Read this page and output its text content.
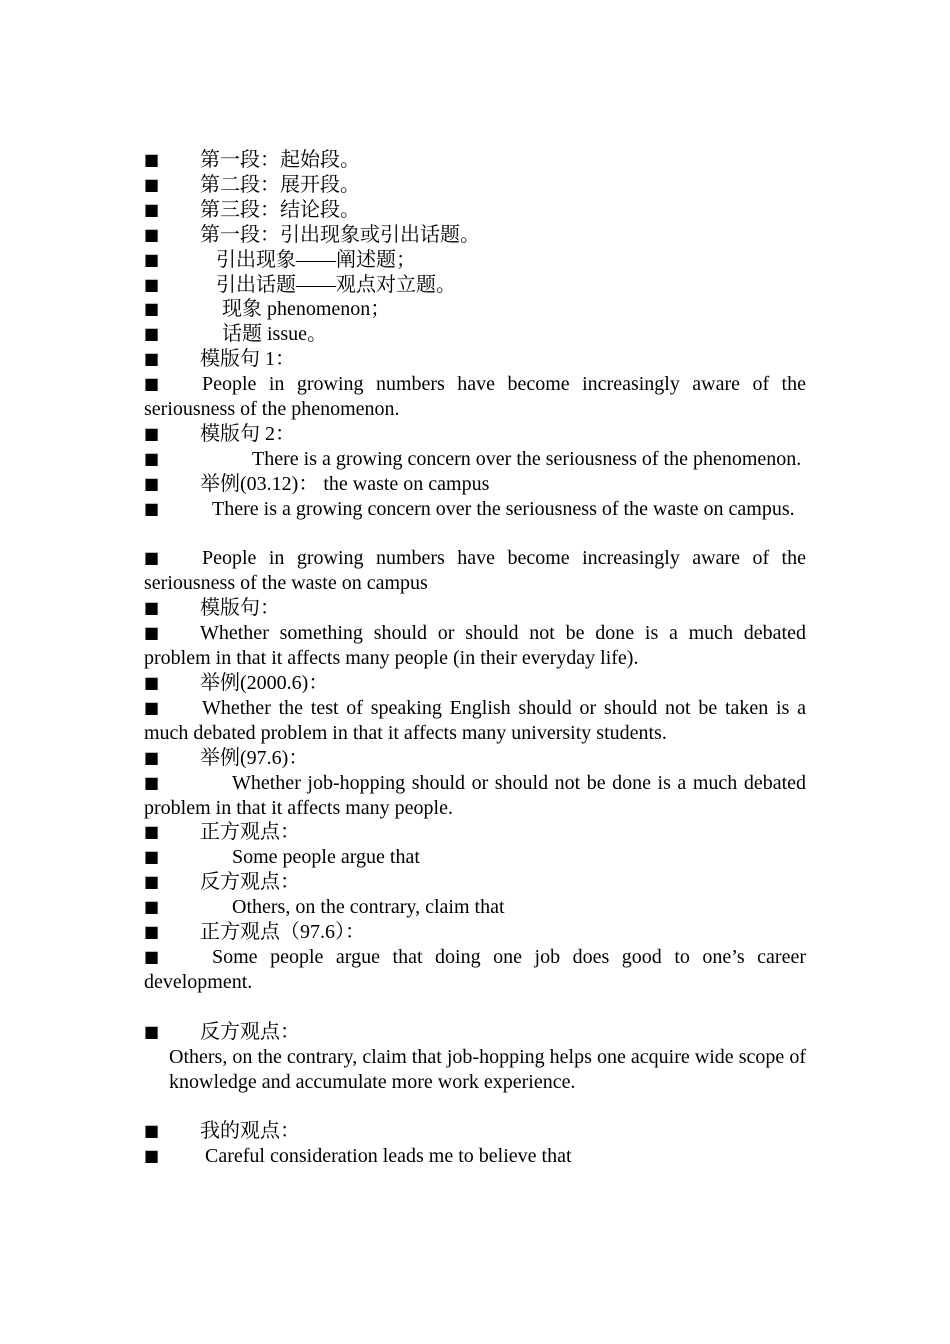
■ 第一段：起始段。

■ 第二段：展开段。

■ 第三段：结论段。

■ 第一段：引出现象或引出话题。

■	引出现象——阐述题；

■	引出话题——观点对立题。

■	现象 phenomenon；

■	话题 issue。

■ 模版句 1：

■ People in growing numbers have become increasingly aware of the seriousness of the phenomenon.

■ 模版句 2：

■	There is a growing concern over the seriousness of the phenomenon.

■ 举例(03.12)： the waste on campus

■	There is a growing concern over the seriousness of the waste on campus.

■ People in growing numbers have become increasingly aware of the seriousness of the waste on campus

■ 模版句：

■ Whether something should or should not be done is a much debated problem in that it affects many people (in their everyday life).

■ 举例(2000.6)：

■ Whether the test of speaking English should or should not be taken is a much debated problem in that it affects many university students.

■ 举例(97.6)：

■	Whether job-hopping should or should not be done is a much debated problem in that it affects many people.

■ 正方观点：

■	Some people argue that

■ 反方观点：

■	Others, on the contrary, claim that

■ 正方观点（97.6）：

■	Some people argue that doing one job does good to one’s career development.

■ 反方观点：

Others, on the contrary, claim that job-hopping helps one acquire wide scope of knowledge and accumulate more work experience.

■ 我的观点：

■ Careful consideration leads me to believe that
